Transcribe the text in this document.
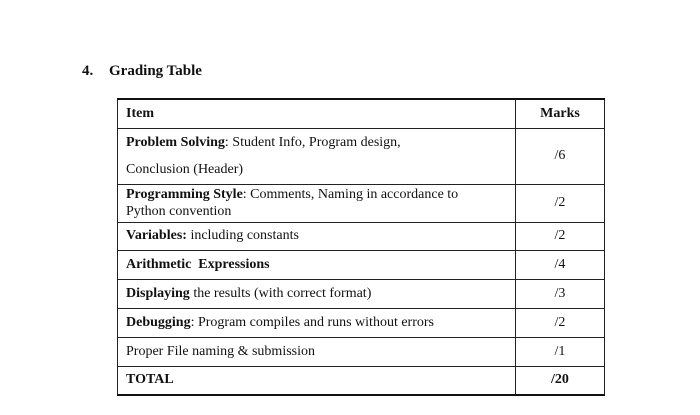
4. Grading Table
Item	Marks

Problem Solving: Student Info, Program design,
Conclusion (Header)	/6

Programming Style: Comments, Naming in accordance to
Python convention	/2
Variables: including constants	/2
Arithmetic  Expressions	/4
Displaying the results (with correct format)	/3
Debugging: Program compiles and runs without errors	/2
Proper File naming & submission	/1
TOTAL	/20
